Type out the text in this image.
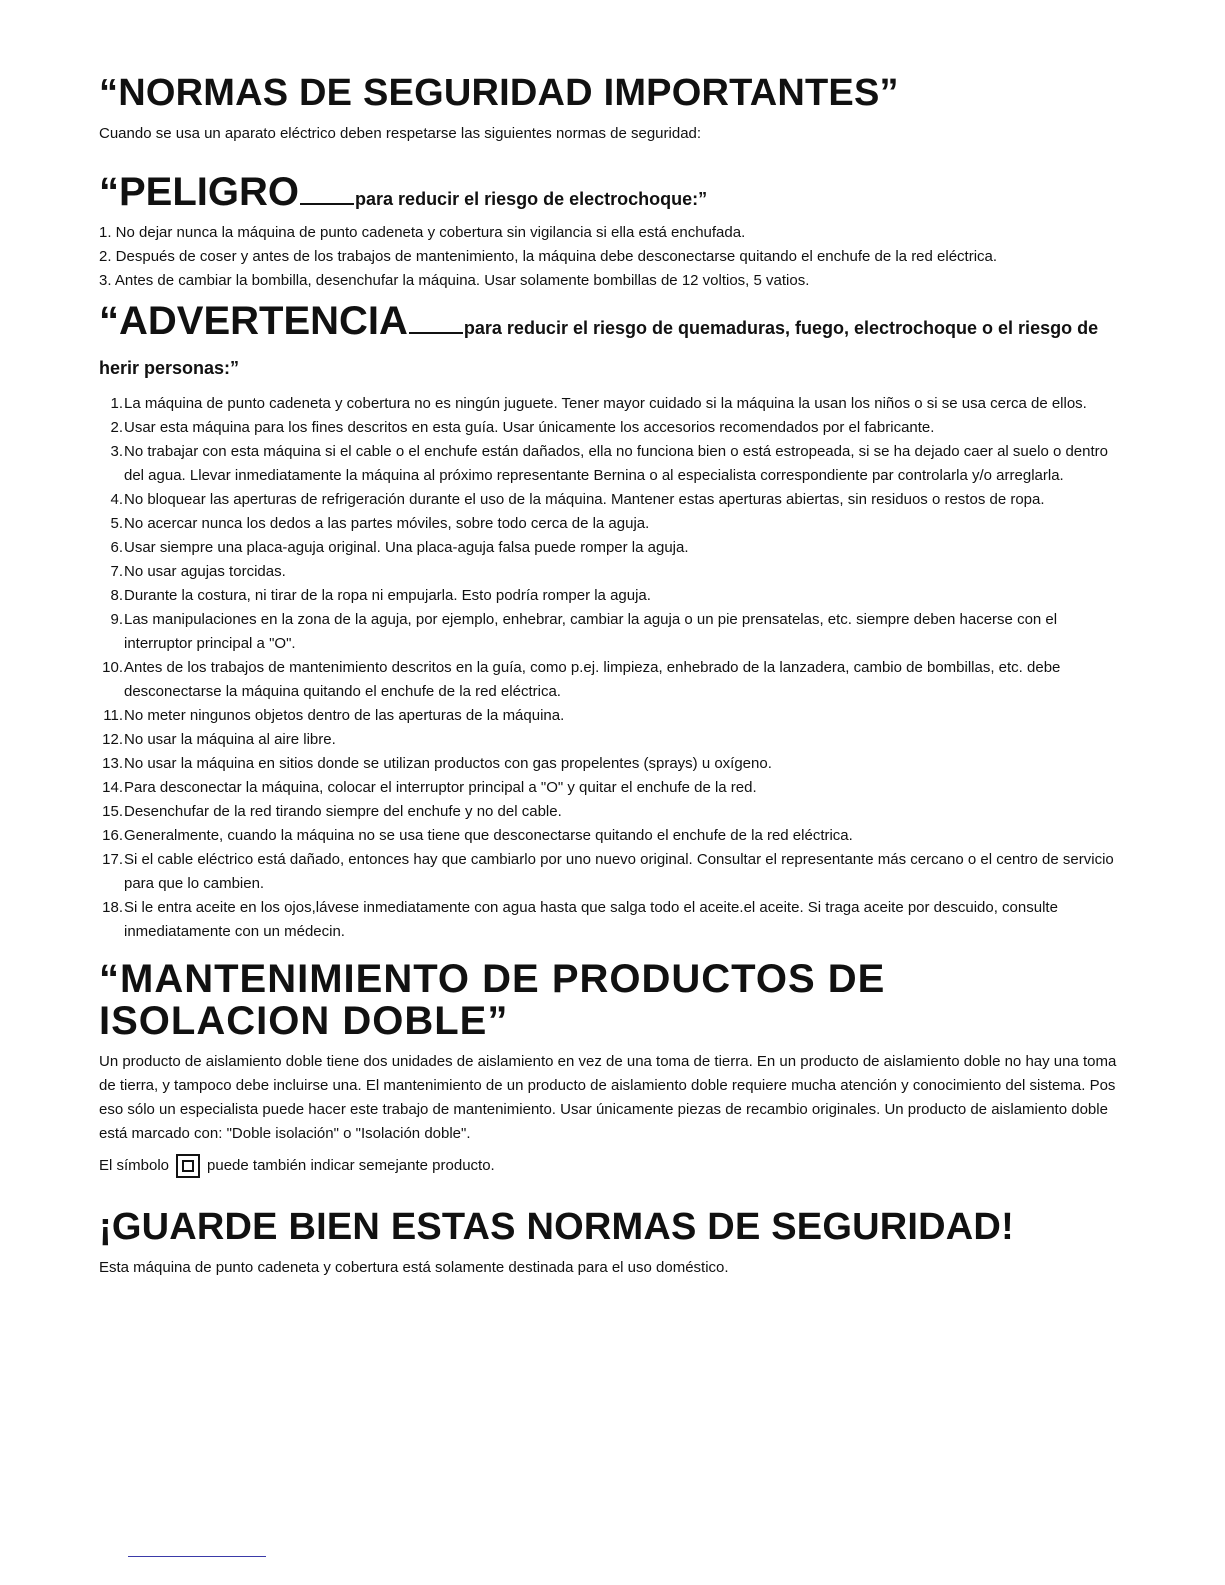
“NORMAS DE SEGURIDAD IMPORTANTES”

Cuando se usa un aparato eléctrico deben respetarse las siguientes normas de seguridad:

“PELIGRO	para reducir el riesgo de electrochoque:”
1. No dejar nunca la máquina de punto cadeneta y cobertura sin vigilancia si ella está enchufada.
2. Después de coser y antes de los trabajos de mantenimiento, la máquina debe desconectarse quitando el enchufe de la red eléctrica.
3. Antes de cambiar la bombilla, desenchufar la máquina. Usar solamente bombillas de 12 voltios, 5 vatios.
“ADVERTENCIA	para reducir el riesgo de quemaduras, fuego, electrochoque o el riesgo de herir personas:”
1. La máquina de punto cadeneta y cobertura no es ningún juguete. Tener mayor cuidado si la máquina la usan los niños o si se usa cerca de ellos.
2. Usar esta máquina para los fines descritos en esta guía. Usar únicamente los accesorios recomendados por el fabricante.
3. No trabajar con esta máquina si el cable o el enchufe están dañados, ella no funciona bien o está estropeada, si se ha dejado caer al suelo o dentro del agua. Llevar inmediatamente la máquina al próximo representante Bernina o al especialista correspondiente par controlarla y/o arreglarla.
4. No bloquear las aperturas de refrigeración durante el uso de la máquina. Mantener estas aperturas abiertas, sin residuos o restos de ropa.
5. No acercar nunca los dedos a las partes móviles, sobre todo cerca de la aguja.
6. Usar siempre una placa-aguja original. Una placa-aguja falsa puede romper la aguja.
7. No usar agujas torcidas.
8. Durante la costura, ni tirar de la ropa ni empujarla. Esto podría romper la aguja.
9. Las manipulaciones en la zona de la aguja, por ejemplo, enhebrar, cambiar la aguja o un pie prensatelas, etc. siempre deben hacerse con el interruptor principal a "O".
10. Antes de los trabajos de mantenimiento descritos en la guía, como p.ej. limpieza, enhebrado de la lanzadera, cambio de bombillas, etc. debe desconectarse la máquina quitando el enchufe de la red eléctrica.
11. No meter ningunos objetos dentro de las aperturas de la máquina.
12. No usar la máquina al aire libre.
13. No usar la máquina en sitios donde se utilizan productos con gas propelentes (sprays) u oxígeno.
14. Para desconectar la máquina, colocar el interruptor principal a "O" y quitar el enchufe de la red.
15. Desenchufar de la red tirando siempre del enchufe y no del cable.
16. Generalmente, cuando la máquina no se usa tiene que desconectarse quitando el enchufe de la red eléctrica.
17. Si el cable eléctrico está dañado, entonces hay que cambiarlo por uno nuevo original. Consultar el representante más cercano o el centro de servicio para que lo cambien.
18. Si le entra aceite en los ojos,lávese inmediatamente con agua hasta que salga todo el aceite.el aceite. Si traga aceite por descuido, consulte inmediatamente con un médecin.
“MANTENIMIENTO DE PRODUCTOS DE ISOLACION DOBLE”

Un producto de aislamiento doble tiene dos unidades de aislamiento en vez de una toma de tierra. En un producto de aislamiento doble no hay una toma de tierra, y tampoco debe incluirse una. El mantenimiento de un producto de aislamiento doble requiere mucha atención y conocimiento del sistema. Pos eso sólo un especialista puede hacer este trabajo de mantenimiento. Usar únicamente piezas de recambio originales. Un producto de aislamiento doble está marcado con: "Doble isolación" o "Isolación doble".

El símbolo	puede también indicar semejante producto.
¡GUARDE BIEN ESTAS NORMAS DE SEGURIDAD!

Esta máquina de punto cadeneta y cobertura está solamente destinada para el uso doméstico.
